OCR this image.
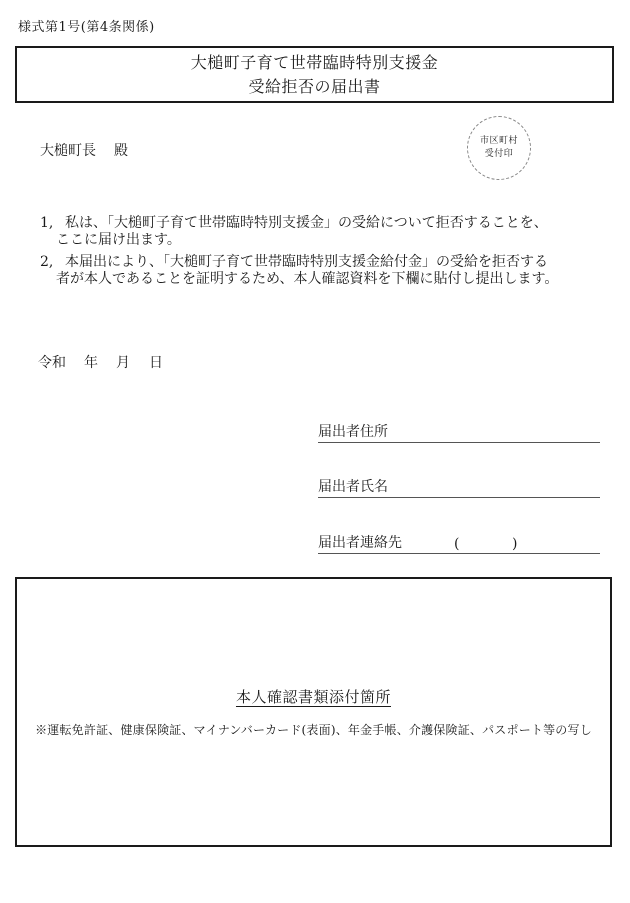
様式第1号(第4条関係)
大槌町子育て世帯臨時特別支援金
受給拒否の届出書
大槌町長 殿
市区町村
受付印
1, 私は、「大槌町子育て世帯臨時特別支援金」の受給について拒否することを、
ここに届け出ます。
2, 本届出により、「大槌町子育て世帯臨時特別支援金給付金」の受給を拒否する
者が本人であることを証明するため、本人確認資料を下欄に貼付し提出します。
令和 年 月 日
届出者住所
届出者氏名
届出者連絡先	(	)
本人確認書類添付箇所
※運転免許証、健康保険証、マイナンバーカード(表面)、年金手帳、介護保険証、パスポート等の写し
